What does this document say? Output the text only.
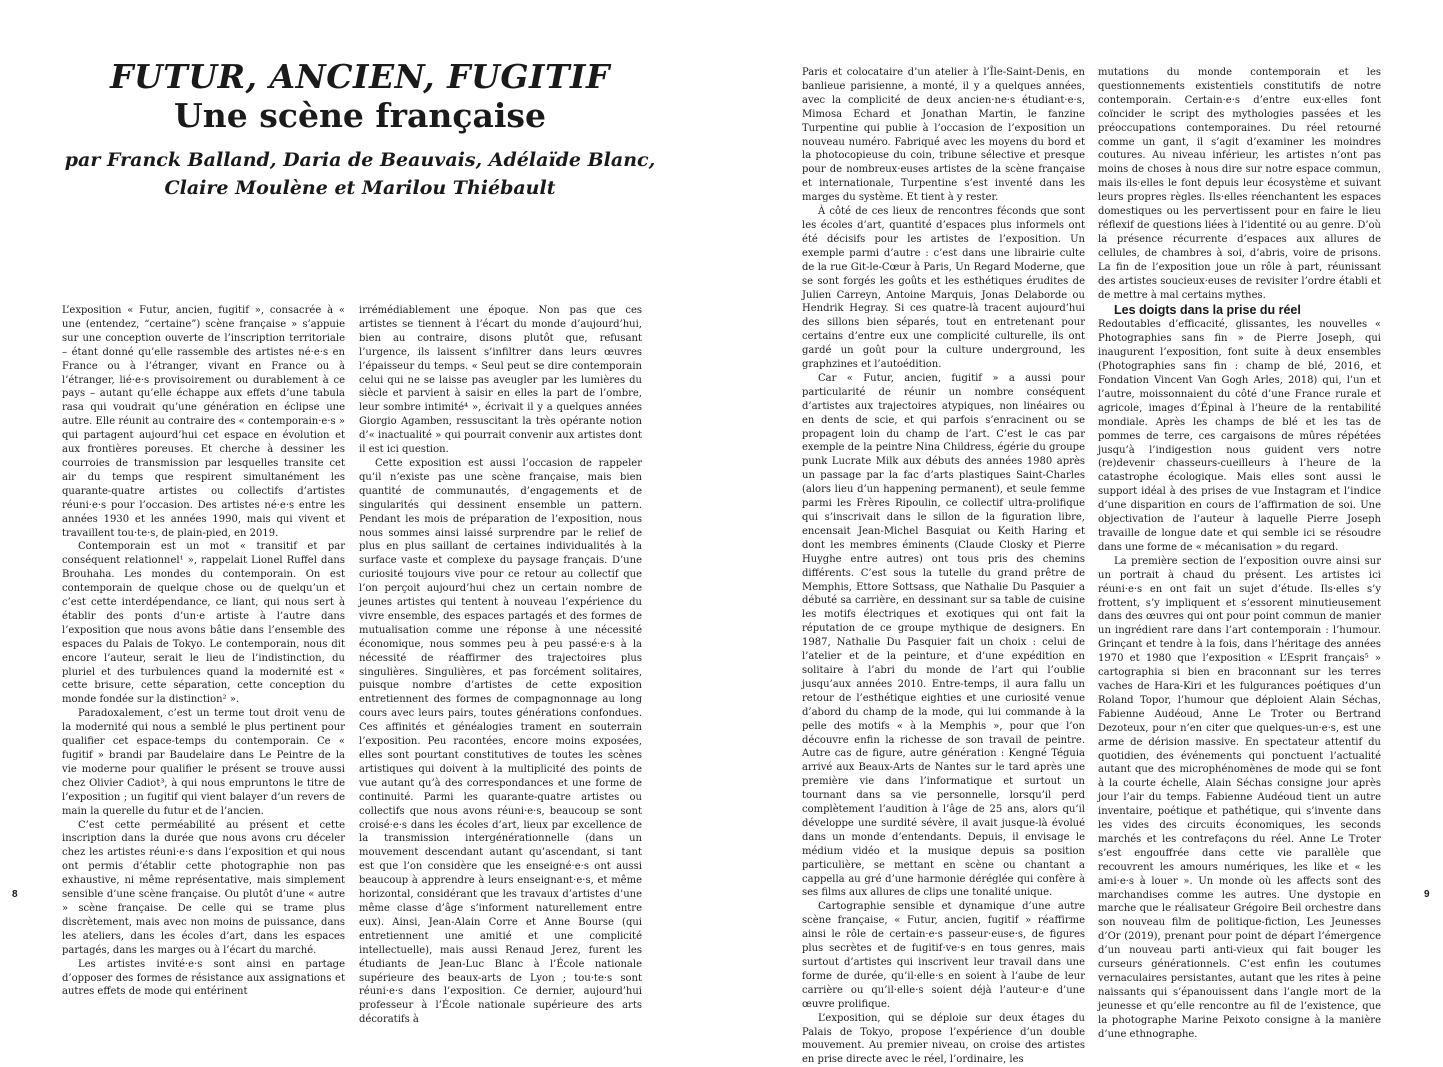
FUTUR, ANCIEN, FUGITIF
Une scène française

par Franck Balland, Daria de Beauvais, Adélaïde Blanc,
Claire Moulène et Marilou Thiébault

L’exposition « Futur, ancien, fugitif », consacrée à « une (entendez, “certaine”) scène française » s’appuie sur une conception ouverte de l’inscription territoriale – étant donné qu’elle rassemble des artistes né·e·s en France ou à l’étranger, vivant en France ou à l’étranger, lié·e·s provisoirement ou durablement à ce pays – autant qu’elle échappe aux effets d’une tabula rasa qui voudrait qu’une génération en éclipse une autre. Elle réunit au contraire des « contemporain·e·s » qui partagent aujourd’hui cet espace en évolution et aux frontières poreuses. Et cherche à dessiner les courroies de transmission par lesquelles transite cet air du temps que respirent simultanément les quarante-quatre artistes ou collectifs d’artistes réuni·e·s pour l’occasion. Des artistes né·e·s entre les années 1930 et les années 1990, mais qui vivent et travaillent tou·te·s, de plain-pied, en 2019.

Contemporain est un mot « transitif et par conséquent relationnel¹ », rappelait Lionel Ruffel dans Brouhaha. Les mondes du contemporain. On est contemporain de quelque chose ou de quelqu’un et c’est cette interdépendance, ce liant, qui nous sert à établir des ponts d’un·e artiste à l’autre dans l’exposition que nous avons bâtie dans l’ensemble des espaces du Palais de Tokyo. Le contemporain, nous dit encore l’auteur, serait le lieu de l’indistinction, du pluriel et des turbulences quand la modernité est « cette brisure, cette séparation, cette conception du monde fondée sur la distinction² ».

Paradoxalement, c’est un terme tout droit venu de la modernité qui nous a semblé le plus pertinent pour qualifier cet espace-temps du contemporain. Ce « fugitif » brandi par Baudelaire dans Le Peintre de la vie moderne pour qualifier le présent se trouve aussi chez Olivier Cadiot³, à qui nous empruntons le titre de l’exposition ; un fugitif qui vient balayer d’un revers de main la querelle du futur et de l’ancien.

C’est cette perméabilité au présent et cette inscription dans la durée que nous avons cru déceler chez les artistes réuni·e·s dans l’exposition et qui nous ont permis d’établir cette photographie non pas exhaustive, ni même représentative, mais simplement sensible d’une scène française. Ou plutôt d’une « autre » scène française. De celle qui se trame plus discrètement, mais avec non moins de puissance, dans les ateliers, dans les écoles d’art, dans les espaces partagés, dans les marges ou à l’écart du marché.

Les artistes invité·e·s sont ainsi en partage d’opposer des formes de résistance aux assignations et autres effets de mode qui entérinent

irrémédiablement une époque. Non pas que ces artistes se tiennent à l’écart du monde d’aujourd’hui, bien au contraire, disons plutôt que, refusant l’urgence, ils laissent s’infiltrer dans leurs œuvres l’épaisseur du temps. « Seul peut se dire contemporain celui qui ne se laisse pas aveugler par les lumières du siècle et parvient à saisir en elles la part de l’ombre, leur sombre intimité⁴ », écrivait il y a quelques années Giorgio Agamben, ressuscitant la très opérante notion d’« inactualité » qui pourrait convenir aux artistes dont il est ici question.

Cette exposition est aussi l’occasion de rappeler qu’il n’existe pas une scène française, mais bien quantité de communautés, d’engagements et de singularités qui dessinent ensemble un pattern. Pendant les mois de préparation de l’exposition, nous nous sommes ainsi laissé surprendre par le relief de plus en plus saillant de certaines individualités à la surface vaste et complexe du paysage français. D’une curiosité toujours vive pour ce retour au collectif que l’on perçoit aujourd’hui chez un certain nombre de jeunes artistes qui tentent à nouveau l’expérience du vivre ensemble, des espaces partagés et des formes de mutualisation comme une réponse à une nécessité économique, nous sommes peu à peu passé·e·s à la nécessité de réaffirmer des trajectoires plus singulières. Singulières, et pas forcément solitaires, puisque nombre d’artistes de cette exposition entretiennent des formes de compagnonnage au long cours avec leurs pairs, toutes générations confondues. Ces affinités et généalogies trament en souterrain l’exposition. Peu racontées, encore moins exposées, elles sont pourtant constitutives de toutes les scènes artistiques qui doivent à la multiplicité des points de vue autant qu’à des correspondances et une forme de continuité. Parmi les quarante-quatre artistes ou collectifs que nous avons réuni·e·s, beaucoup se sont croisé·e·s dans les écoles d’art, lieux par excellence de la transmission intergénérationnelle (dans un mouvement descendant autant qu’ascendant, si tant est que l’on considère que les enseigné·e·s ont aussi beaucoup à apprendre à leurs enseignant·e·s, et même horizontal, considérant que les travaux d’artistes d’une même classe d’âge s’informent naturellement entre eux). Ainsi, Jean-Alain Corre et Anne Bourse (qui entretiennent une amitié et une complicité intellectuelle), mais aussi Renaud Jerez, furent les étudiants de Jean-Luc Blanc à l’École nationale supérieure des beaux-arts de Lyon ; tou·te·s sont réuni·e·s dans l’exposition. Ce dernier, aujourd’hui professeur à l’École nationale supérieure des arts décoratifs à

Paris et colocataire d’un atelier à l’Île-Saint-Denis, en banlieue parisienne, a monté, il y a quelques années, avec la complicité de deux ancien·ne·s étudiant·e·s, Mimosa Echard et Jonathan Martin, le fanzine Turpentine qui publie à l’occasion de l’exposition un nouveau numéro. Fabriqué avec les moyens du bord et la photocopieuse du coin, tribune sélective et presque pour de nombreux·euses artistes de la scène française et internationale, Turpentine s’est inventé dans les marges du système. Et tient à y rester.

À côté de ces lieux de rencontres féconds que sont les écoles d’art, quantité d’espaces plus informels ont été décisifs pour les artistes de l’exposition. Un exemple parmi d’autre : c’est dans une librairie culte de la rue Git-le-Cœur à Paris, Un Regard Moderne, que se sont forgés les goûts et les esthétiques érudites de Julien Carreyn, Antoine Marquis, Jonas Delaborde ou Hendrik Hegray. Si ces quatre-là tracent aujourd’hui des sillons bien séparés, tout en entretenant pour certains d’entre eux une complicité culturelle, ils ont gardé un goût pour la culture underground, les graphzines et l’autoédition.

Car « Futur, ancien, fugitif » a aussi pour particularité de réunir un nombre conséquent d’artistes aux trajectoires atypiques, non linéaires ou en dents de scie, et qui parfois s’enracinent ou se propagent loin du champ de l’art. C’est le cas par exemple de la peintre Nina Childress, égérie du groupe punk Lucrate Milk aux débuts des années 1980 après un passage par la fac d’arts plastiques Saint-Charles (alors lieu d’un happening permanent), et seule femme parmi les Frères Ripoulin, ce collectif ultra-prolifique qui s’inscrivait dans le sillon de la figuration libre, encensait Jean-Michel Basquiat ou Keith Haring et dont les membres éminents (Claude Closky et Pierre Huyghe entre autres) ont tous pris des chemins différents. C’est sous la tutelle du grand prêtre de Memphis, Ettore Sottsass, que Nathalie Du Pasquier a débuté sa carrière, en dessinant sur sa table de cuisine les motifs électriques et exotiques qui ont fait la réputation de ce groupe mythique de designers. En 1987, Nathalie Du Pasquier fait un choix : celui de l’atelier et de la peinture, et d’une expédition en solitaire à l’abri du monde de l’art qui l’oublie jusqu’aux années 2010. Entre-temps, il aura fallu un retour de l’esthétique eighties et une curiosité venue d’abord du champ de la mode, qui lui commande à la pelle des motifs « à la Memphis », pour que l’on découvre enfin la richesse de son travail de peintre. Autre cas de figure, autre génération : Kengné Téguia arrivé aux Beaux-Arts de Nantes sur le tard après une première vie dans l’informatique et surtout un tournant dans sa vie personnelle, lorsqu’il perd complètement l’audition à l’âge de 25 ans, alors qu’il développe une surdité sévère, il avait jusque-là évolué dans un monde d’entendants. Depuis, il envisage le médium vidéo et la musique depuis sa position particulière, se mettant en scène ou chantant a cappella au gré d’une harmonie déréglée qui confère à ses films aux allures de clips une tonalité unique.

Cartographie sensible et dynamique d’une autre scène française, « Futur, ancien, fugitif » réaffirme ainsi le rôle de certain·e·s passeur·euse·s, de figures plus secrètes et de fugitif·ve·s en tous genres, mais surtout d’artistes qui inscrivent leur travail dans une forme de durée, qu’il·elle·s en soient à l’aube de leur carrière ou qu’il·elle·s soient déjà l’auteur·e d’une œuvre prolifique.

L’exposition, qui se déploie sur deux étages du Palais de Tokyo, propose l’expérience d’un double mouvement. Au premier niveau, on croise des artistes en prise directe avec le réel, l’ordinaire, les

mutations du monde contemporain et les questionnements existentiels constitutifs de notre contemporain. Certain·e·s d’entre eux·elles font coïncider le script des mythologies passées et les préoccupations contemporaines. Du réel retourné comme un gant, il s’agit d’examiner les moindres coutures. Au niveau inférieur, les artistes n’ont pas moins de choses à nous dire sur notre espace commun, mais ils·elles le font depuis leur écosystème et suivant leurs propres règles. Ils·elles réenchantent les espaces domestiques ou les pervertissent pour en faire le lieu réflexif de questions liées à l’identité ou au genre. D’où la présence récurrente d’espaces aux allures de cellules, de chambres à soi, d’abris, voire de prisons. La fin de l’exposition joue un rôle à part, réunissant des artistes soucieux·euses de revisiter l’ordre établi et de mettre à mal certains mythes.

Les doigts dans la prise du réel

Redoutables d’efficacité, glissantes, les nouvelles « Photographies sans fin » de Pierre Joseph, qui inaugurent l’exposition, font suite à deux ensembles (Photographies sans fin : champ de blé, 2016, et Fondation Vincent Van Gogh Arles, 2018) qui, l’un et l’autre, moissonnaient du côté d’une France rurale et agricole, images d’Épinal à l’heure de la rentabilité mondiale. Après les champs de blé et les tas de pommes de terre, ces cargaisons de mûres répétées jusqu’à l’indigestion nous guident vers notre (re)devenir chasseurs-cueilleurs à l’heure de la catastrophe écologique. Mais elles sont aussi le support idéal à des prises de vue Instagram et l’indice d’une disparition en cours de l’affirmation de soi. Une objectivation de l’auteur à laquelle Pierre Joseph travaille de longue date et qui semble ici se résoudre dans une forme de « mécanisation » du regard.

La première section de l’exposition ouvre ainsi sur un portrait à chaud du présent. Les artistes ici réuni·e·s en ont fait un sujet d’étude. Ils·elles s’y frottent, s’y impliquent et s’essorent minutieusement dans des œuvres qui ont pour point commun de manier un ingrédient rare dans l’art contemporain : l’humour. Grinçant et tendre à la fois, dans l’héritage des années 1970 et 1980 que l’exposition « L’Esprit français⁵ » cartographia si bien en braconnant sur les terres vaches de Hara-Kiri et les fulgurances poétiques d’un Roland Topor, l’humour que déploient Alain Séchas, Fabienne Audéoud, Anne Le Troter ou Bertrand Dezoteux, pour n’en citer que quelques-un·e·s, est une arme de dérision massive. En spectateur attentif du quotidien, des événements qui ponctuent l’actualité autant que des microphénomènes de mode qui se font à la courte échelle, Alain Séchas consigne jour après jour l’air du temps. Fabienne Audéoud tient un autre inventaire, poétique et pathétique, qui s’invente dans les vides des circuits économiques, les seconds marchés et les contrefaçons du réel. Anne Le Troter s’est engouffrée dans cette vie parallèle que recouvrent les amours numériques, les like et « les ami·e·s à louer ». Un monde où les affects sont des marchandises comme les autres. Une dystopie en marche que le réalisateur Grégoire Beil orchestre dans son nouveau film de politique-fiction, Les Jeunesses d’Or (2019), prenant pour point de départ l’émergence d’un nouveau parti anti-vieux qui fait bouger les curseurs générationnels. C’est enfin les coutumes vernaculaires persistantes, autant que les rites à peine naissants qui s’épanouissent dans l’angle mort de la jeunesse et qu’elle rencontre au fil de l’existence, que la photographe Marine Peixoto consigne à la manière d’une ethnographe.

8	9
